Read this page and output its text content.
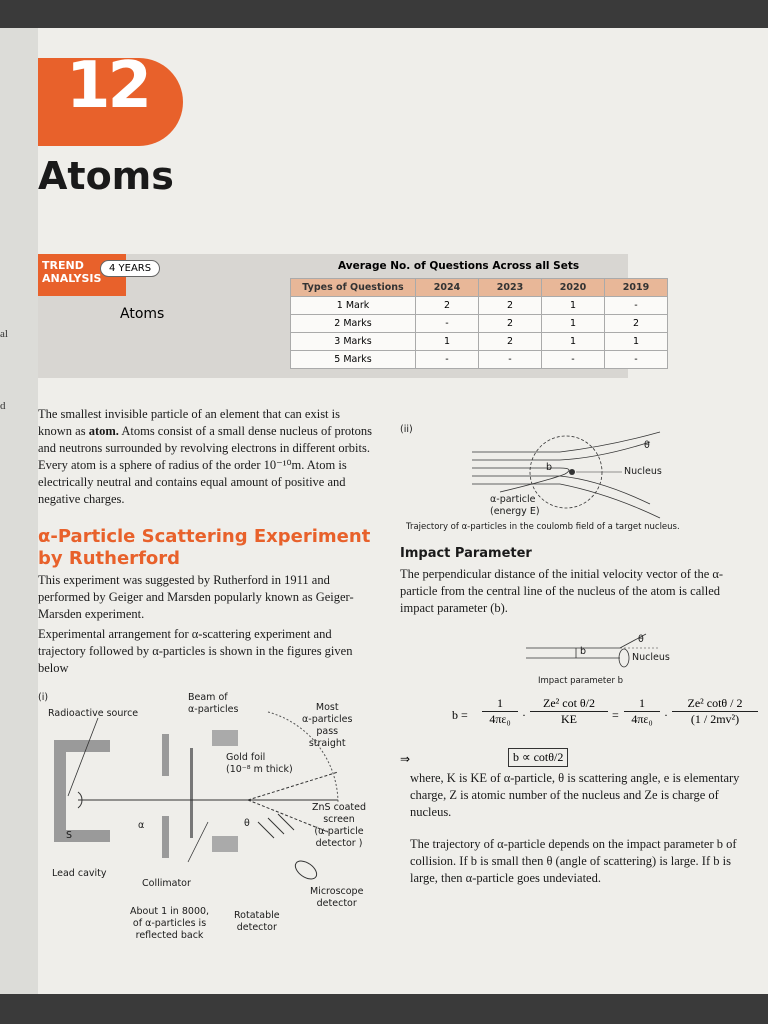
al
d
12
Atoms
TREND
ANALYSIS
4 YEARS
Atoms
Average No. of Questions Across all Sets
Types of Questions	2024	2023	2020	2019
1 Mark	2	2	1	-
2 Marks	-	2	1	2
3 Marks	1	2	1	1
5 Marks	-	-	-	-
The smallest invisible particle of an element that can exist is known as atom. Atoms consist of a small dense nucleus of protons and neutrons surrounded by revolving electrons in different orbits. Every atom is a sphere of radius of the order 10⁻¹⁰m. Atom is electrically neutral and contains equal amount of positive and negative charges.
α-Particle Scattering Experiment
by Rutherford
This experiment was suggested by Rutherford in 1911 and performed by Geiger and Marsden popularly known as Geiger-Marsden experiment.
Experimental arrangement for α-scattering experiment and trajectory followed by α-particles is shown in the figures given below
(i)
Radioactive source
Beam of
α-particles	Most
α-particles
pass
straight
Gold foil
(10⁻⁸ m thick)
ZnS coated
screen
(α-particle
detector )
S
α	θ
Lead cavity
Collimator
About 1 in 8000,
of α-particles is
reflected back
Rotatable
detector
Microscope
detector
(ii)
Nucleus
b
θ
α-particle
(energy E)
Trajectory of α-particles in the coulomb field of a target nucleus.
Impact Parameter
The perpendicular distance of the initial velocity vector of the α-particle from the central line of the nucleus of the atom is called impact parameter (b).
b
θ
Nucleus
Impact parameter b
$b = \frac{1}{\text{4πε₀}} \cdot \frac{\text{Ze² cot θ/2}}{KE} = \frac{1}{\text{4πε₀}} \cdot \frac{\text{Ze² cotθ / 2}}{\text{(1 / 2mv²)}}$
⇒	b ∝ cotθ/2
where, K is KE of α-particle, θ is scattering angle, e is elementary charge, Z is atomic number of the nucleus and Ze is charge of nucleus.
The trajectory of α-particle depends on the impact parameter b of collision. If b is small then θ (angle of scattering) is large. If b is large, then α-particle goes undeviated.
